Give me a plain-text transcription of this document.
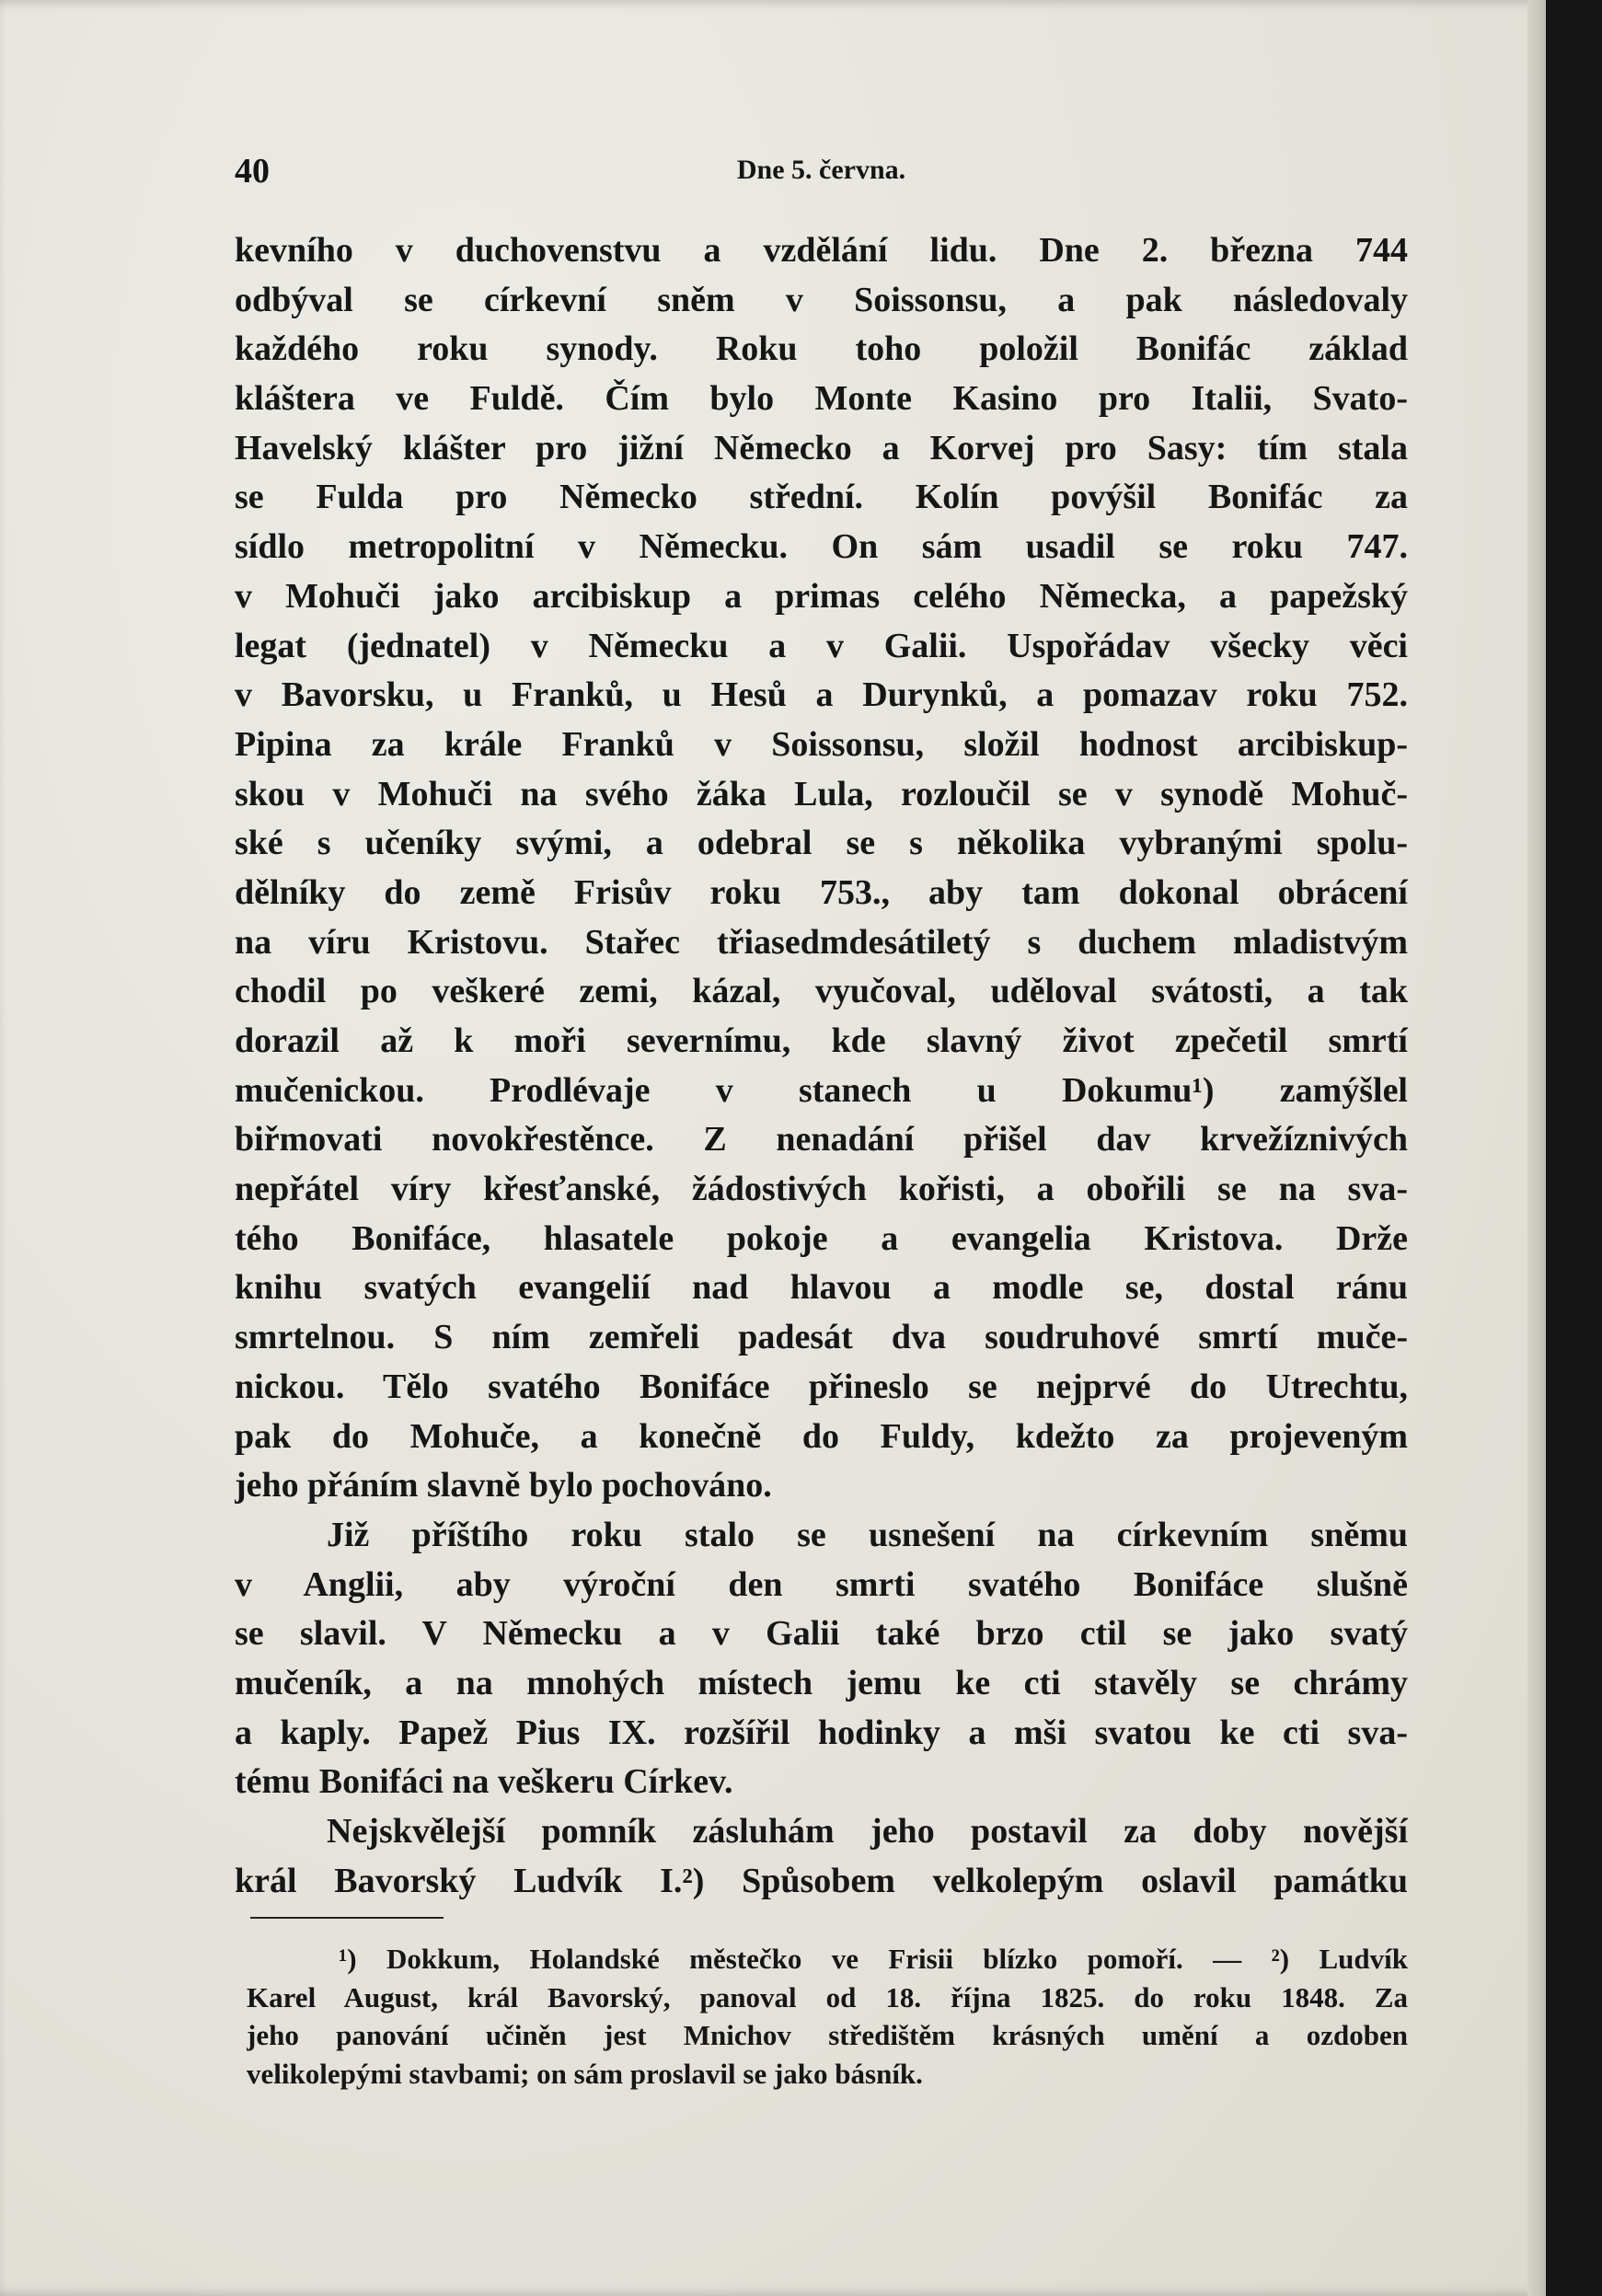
40	Dne 5. června.
kevního v duchovenstvu a vzdělání lidu. Dne 2. března 744
odbýval se církevní sněm v Soissonsu, a pak následovaly
každého roku synody. Roku toho položil Bonifác základ
kláštera ve Fuldě. Čím bylo Monte Kasino pro Italii, Svato-
Havelský klášter pro jižní Německo a Korvej pro Sasy: tím stala
se Fulda pro Německo střední. Kolín povýšil Bonifác za
sídlo metropolitní v Německu. On sám usadil se roku 747.
v Mohuči jako arcibiskup a primas celého Německa, a papežský
legat (jednatel) v Německu a v Galii. Uspořádav všecky věci
v Bavorsku, u Franků, u Hesů a Durynků, a pomazav roku 752.
Pipina za krále Franků v Soissonsu, složil hodnost arcibiskup-
skou v Mohuči na svého žáka Lula, rozloučil se v synodě Mohuč-
ské s učeníky svými, a odebral se s několika vybranými spolu-
dělníky do země Frisův roku 753., aby tam dokonal obrácení
na víru Kristovu. Stařec třiasedmdesátiletý s duchem mladistvým
chodil po veškeré zemi, kázal, vyučoval, uděloval svátosti, a tak
dorazil až k moři severnímu, kde slavný život zpečetil smrtí
mučenickou. Prodlévaje v stanech u Dokumu¹) zamýšlel
biřmovati novokřestěnce. Z nenadání přišel dav krvežíznivých
nepřátel víry křesťanské, žádostivých kořisti, a obořili se na sva-
tého Bonifáce, hlasatele pokoje a evangelia Kristova. Drže
knihu svatých evangelií nad hlavou a modle se, dostal ránu
smrtelnou. S ním zemřeli padesát dva soudruhové smrtí muče-
nickou. Tělo svatého Bonifáce přineslo se nejprvé do Utrechtu,
pak do Mohuče, a konečně do Fuldy, kdežto za projeveným
jeho přáním slavně bylo pochováno.
Již příštího roku stalo se usnešení na církevním sněmu
v Anglii, aby výroční den smrti svatého Bonifáce slušně
se slavil. V Německu a v Galii také brzo ctil se jako svatý
mučeník, a na mnohých místech jemu ke cti stavěly se chrámy
a kaply. Papež Pius IX. rozšířil hodinky a mši svatou ke cti sva-
tému Bonifáci na veškeru Církev.
Nejskvělejší pomník zásluhám jeho postavil za doby novější
král Bavorský Ludvík I.²) Spůsobem velkolepým oslavil památku
¹) Dokkum, Holandské městečko ve Frisii blízko pomoří. — ²) Ludvík
Karel August, král Bavorský, panoval od 18. října 1825. do roku 1848. Za
jeho panování učiněn jest Mnichov středištěm krásných umění a ozdoben
velikolepými stavbami; on sám proslavil se jako básník.
